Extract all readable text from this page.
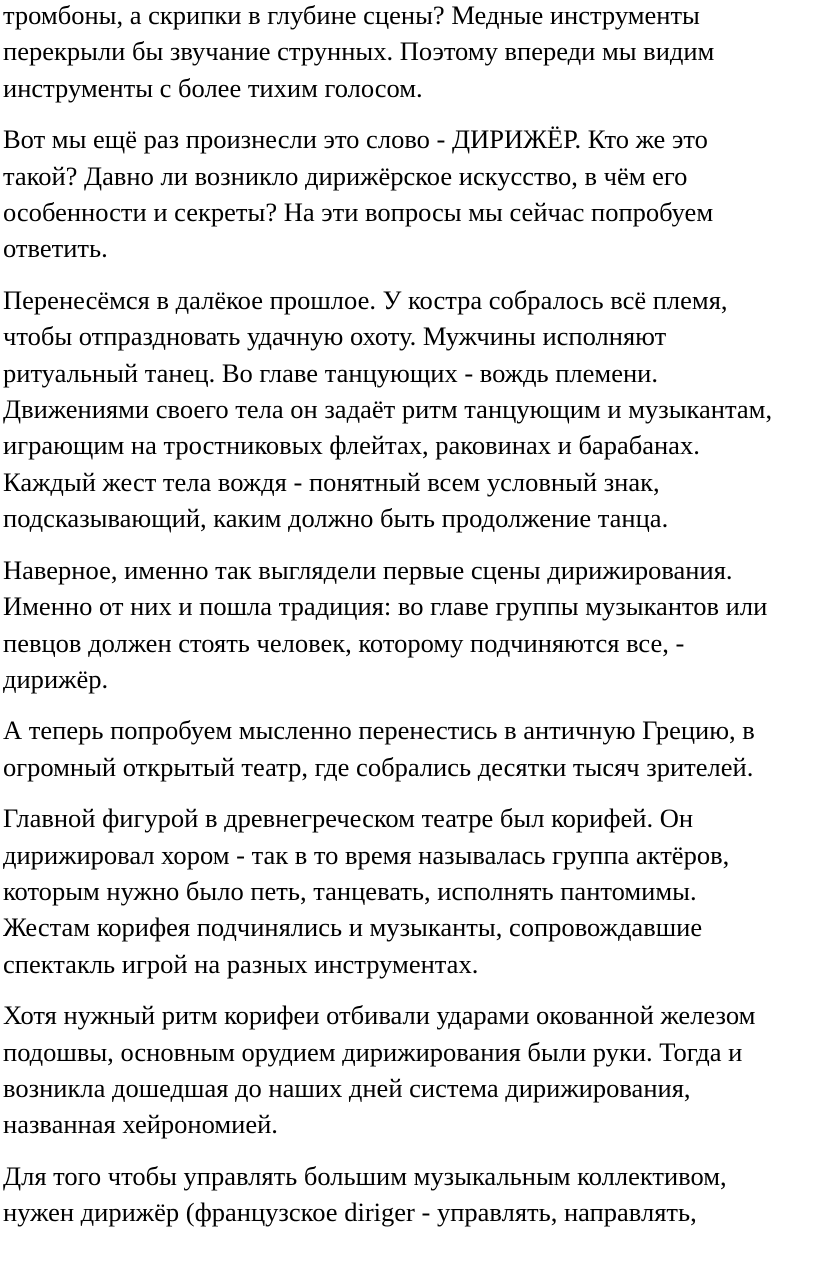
тромбоны, а скрипки в глубине сцены? Медные инструменты
перекрыли бы звучание струнных. Поэтому впереди мы видим
инструменты с более тихим голосом.

Вот мы ещё раз произнесли это слово - ДИРИЖЁР. Кто же это
такой? Давно ли возникло дирижёрское искусство, в чём его
особенности и секреты? На эти вопросы мы сейчас попробуем
ответить.

Перенесёмся в далёкое прошлое. У костра собралось всё племя,
чтобы отпраздновать удачную охоту. Мужчины исполняют
ритуальный танец. Во главе танцующих - вождь племени.
Движениями своего тела он задаёт ритм танцующим и музыкантам,
играющим на тростниковых флейтах, раковинах и барабанах.
Каждый жест тела вождя - понятный всем условный знак,
подсказывающий, каким должно быть продолжение танца.

Наверное, именно так выглядели первые сцены дирижирования.
Именно от них и пошла традиция: во главе группы музыкантов или
певцов должен стоять человек, которому подчиняются все, -
дирижёр.

А теперь попробуем мысленно перенестись в античную Грецию, в
огромный открытый театр, где собрались десятки тысяч зрителей.

Главной фигурой в древнегреческом театре был корифей. Он
дирижировал хором - так в то время называлась группа актёров,
которым нужно было петь, танцевать, исполнять пантомимы.
Жестам корифея подчинялись и музыканты, сопровождавшие
спектакль игрой на разных инструментах.

Хотя нужный ритм корифеи отбивали ударами окованной железом
подошвы, основным орудием дирижирования были руки. Тогда и
возникла дошедшая до наших дней система дирижирования,
названная хейрономией.

Для того чтобы управлять большим музыкальным коллективом,
нужен дирижёр (французское diriger - управлять, направлять,
